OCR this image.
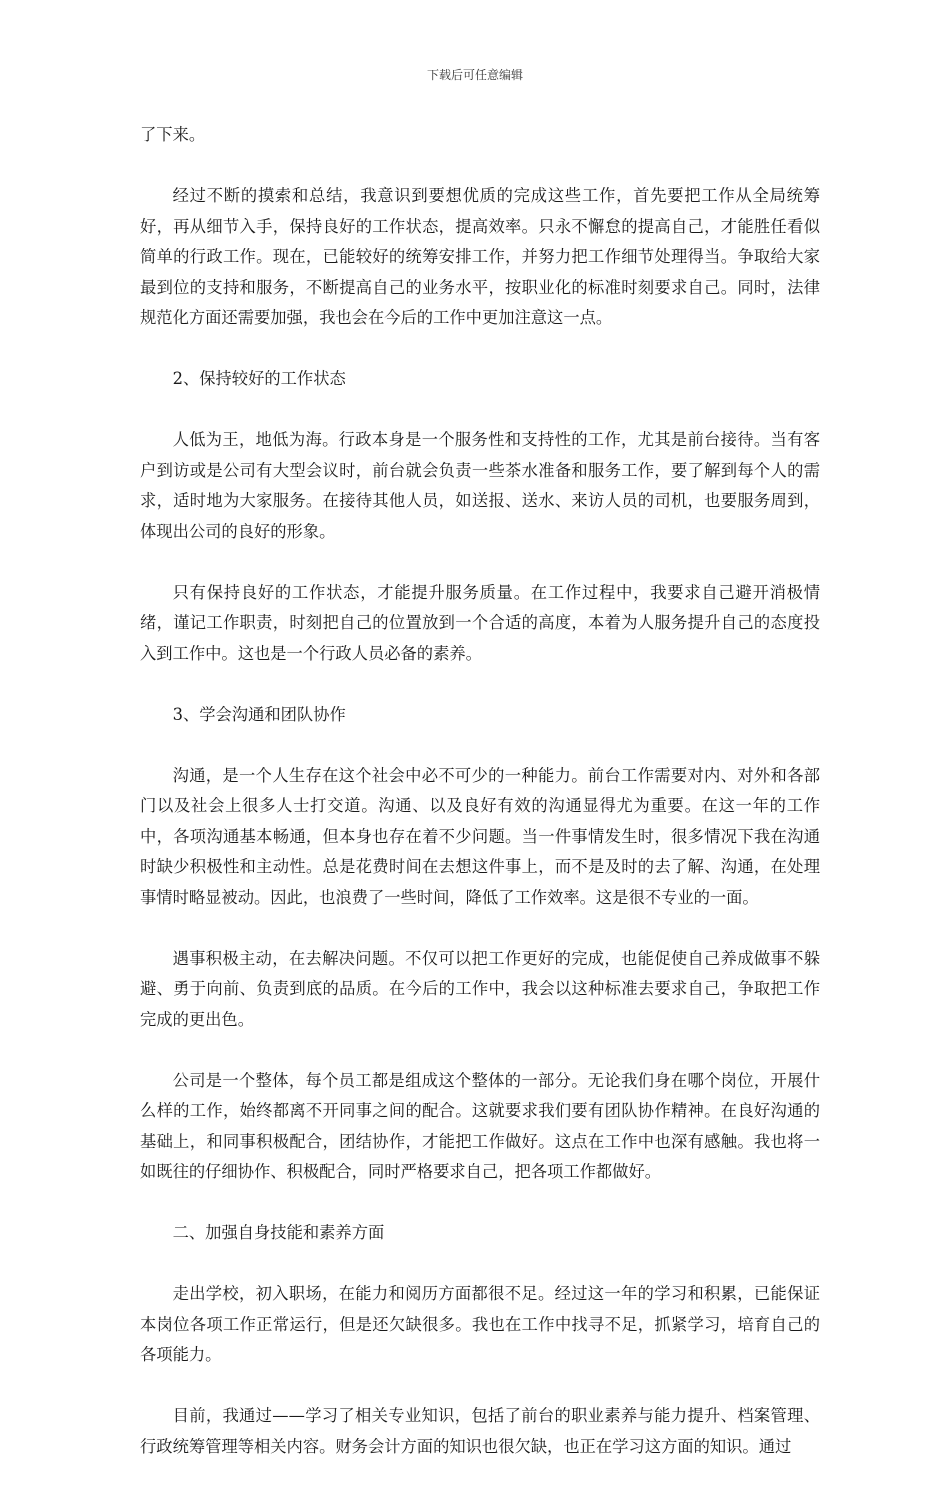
下载后可任意编辑

了下来。

经过不断的摸索和总结，我意识到要想优质的完成这些工作，首先要把工作从全局统筹好，再从细节入手，保持良好的工作状态，提高效率。只永不懈怠的提高自己，才能胜任看似简单的行政工作。现在，已能较好的统筹安排工作，并努力把工作细节处理得当。争取给大家最到位的支持和服务，不断提高自己的业务水平，按职业化的标准时刻要求自己。同时，法律规范化方面还需要加强，我也会在今后的工作中更加注意这一点。

2、保持较好的工作状态

人低为王，地低为海。行政本身是一个服务性和支持性的工作，尤其是前台接待。当有客户到访或是公司有大型会议时，前台就会负责一些茶水准备和服务工作，要了解到每个人的需求，适时地为大家服务。在接待其他人员，如送报、送水、来访人员的司机，也要服务周到，体现出公司的良好的形象。

只有保持良好的工作状态，才能提升服务质量。在工作过程中，我要求自己避开消极情绪，谨记工作职责，时刻把自己的位置放到一个合适的高度，本着为人服务提升自己的态度投入到工作中。这也是一个行政人员必备的素养。

3、学会沟通和团队协作

沟通，是一个人生存在这个社会中必不可少的一种能力。前台工作需要对内、对外和各部门以及社会上很多人士打交道。沟通、以及良好有效的沟通显得尤为重要。在这一年的工作中，各项沟通基本畅通，但本身也存在着不少问题。当一件事情发生时，很多情况下我在沟通时缺少积极性和主动性。总是花费时间在去想这件事上，而不是及时的去了解、沟通，在处理事情时略显被动。因此，也浪费了一些时间，降低了工作效率。这是很不专业的一面。

遇事积极主动，在去解决问题。不仅可以把工作更好的完成，也能促使自己养成做事不躲避、勇于向前、负责到底的品质。在今后的工作中，我会以这种标准去要求自己，争取把工作完成的更出色。

公司是一个整体，每个员工都是组成这个整体的一部分。无论我们身在哪个岗位，开展什么样的工作，始终都离不开同事之间的配合。这就要求我们要有团队协作精神。在良好沟通的基础上，和同事积极配合，团结协作，才能把工作做好。这点在工作中也深有感触。我也将一如既往的仔细协作、积极配合，同时严格要求自己，把各项工作都做好。

二、加强自身技能和素养方面

走出学校，初入职场，在能力和阅历方面都很不足。经过这一年的学习和积累，已能保证本岗位各项工作正常运行，但是还欠缺很多。我也在工作中找寻不足，抓紧学习，培育自己的各项能力。

目前，我通过——学习了相关专业知识，包括了前台的职业素养与能力提升、档案管理、行政统筹管理等相关内容。财务会计方面的知识也很欠缺，也正在学习这方面的知识。通过
